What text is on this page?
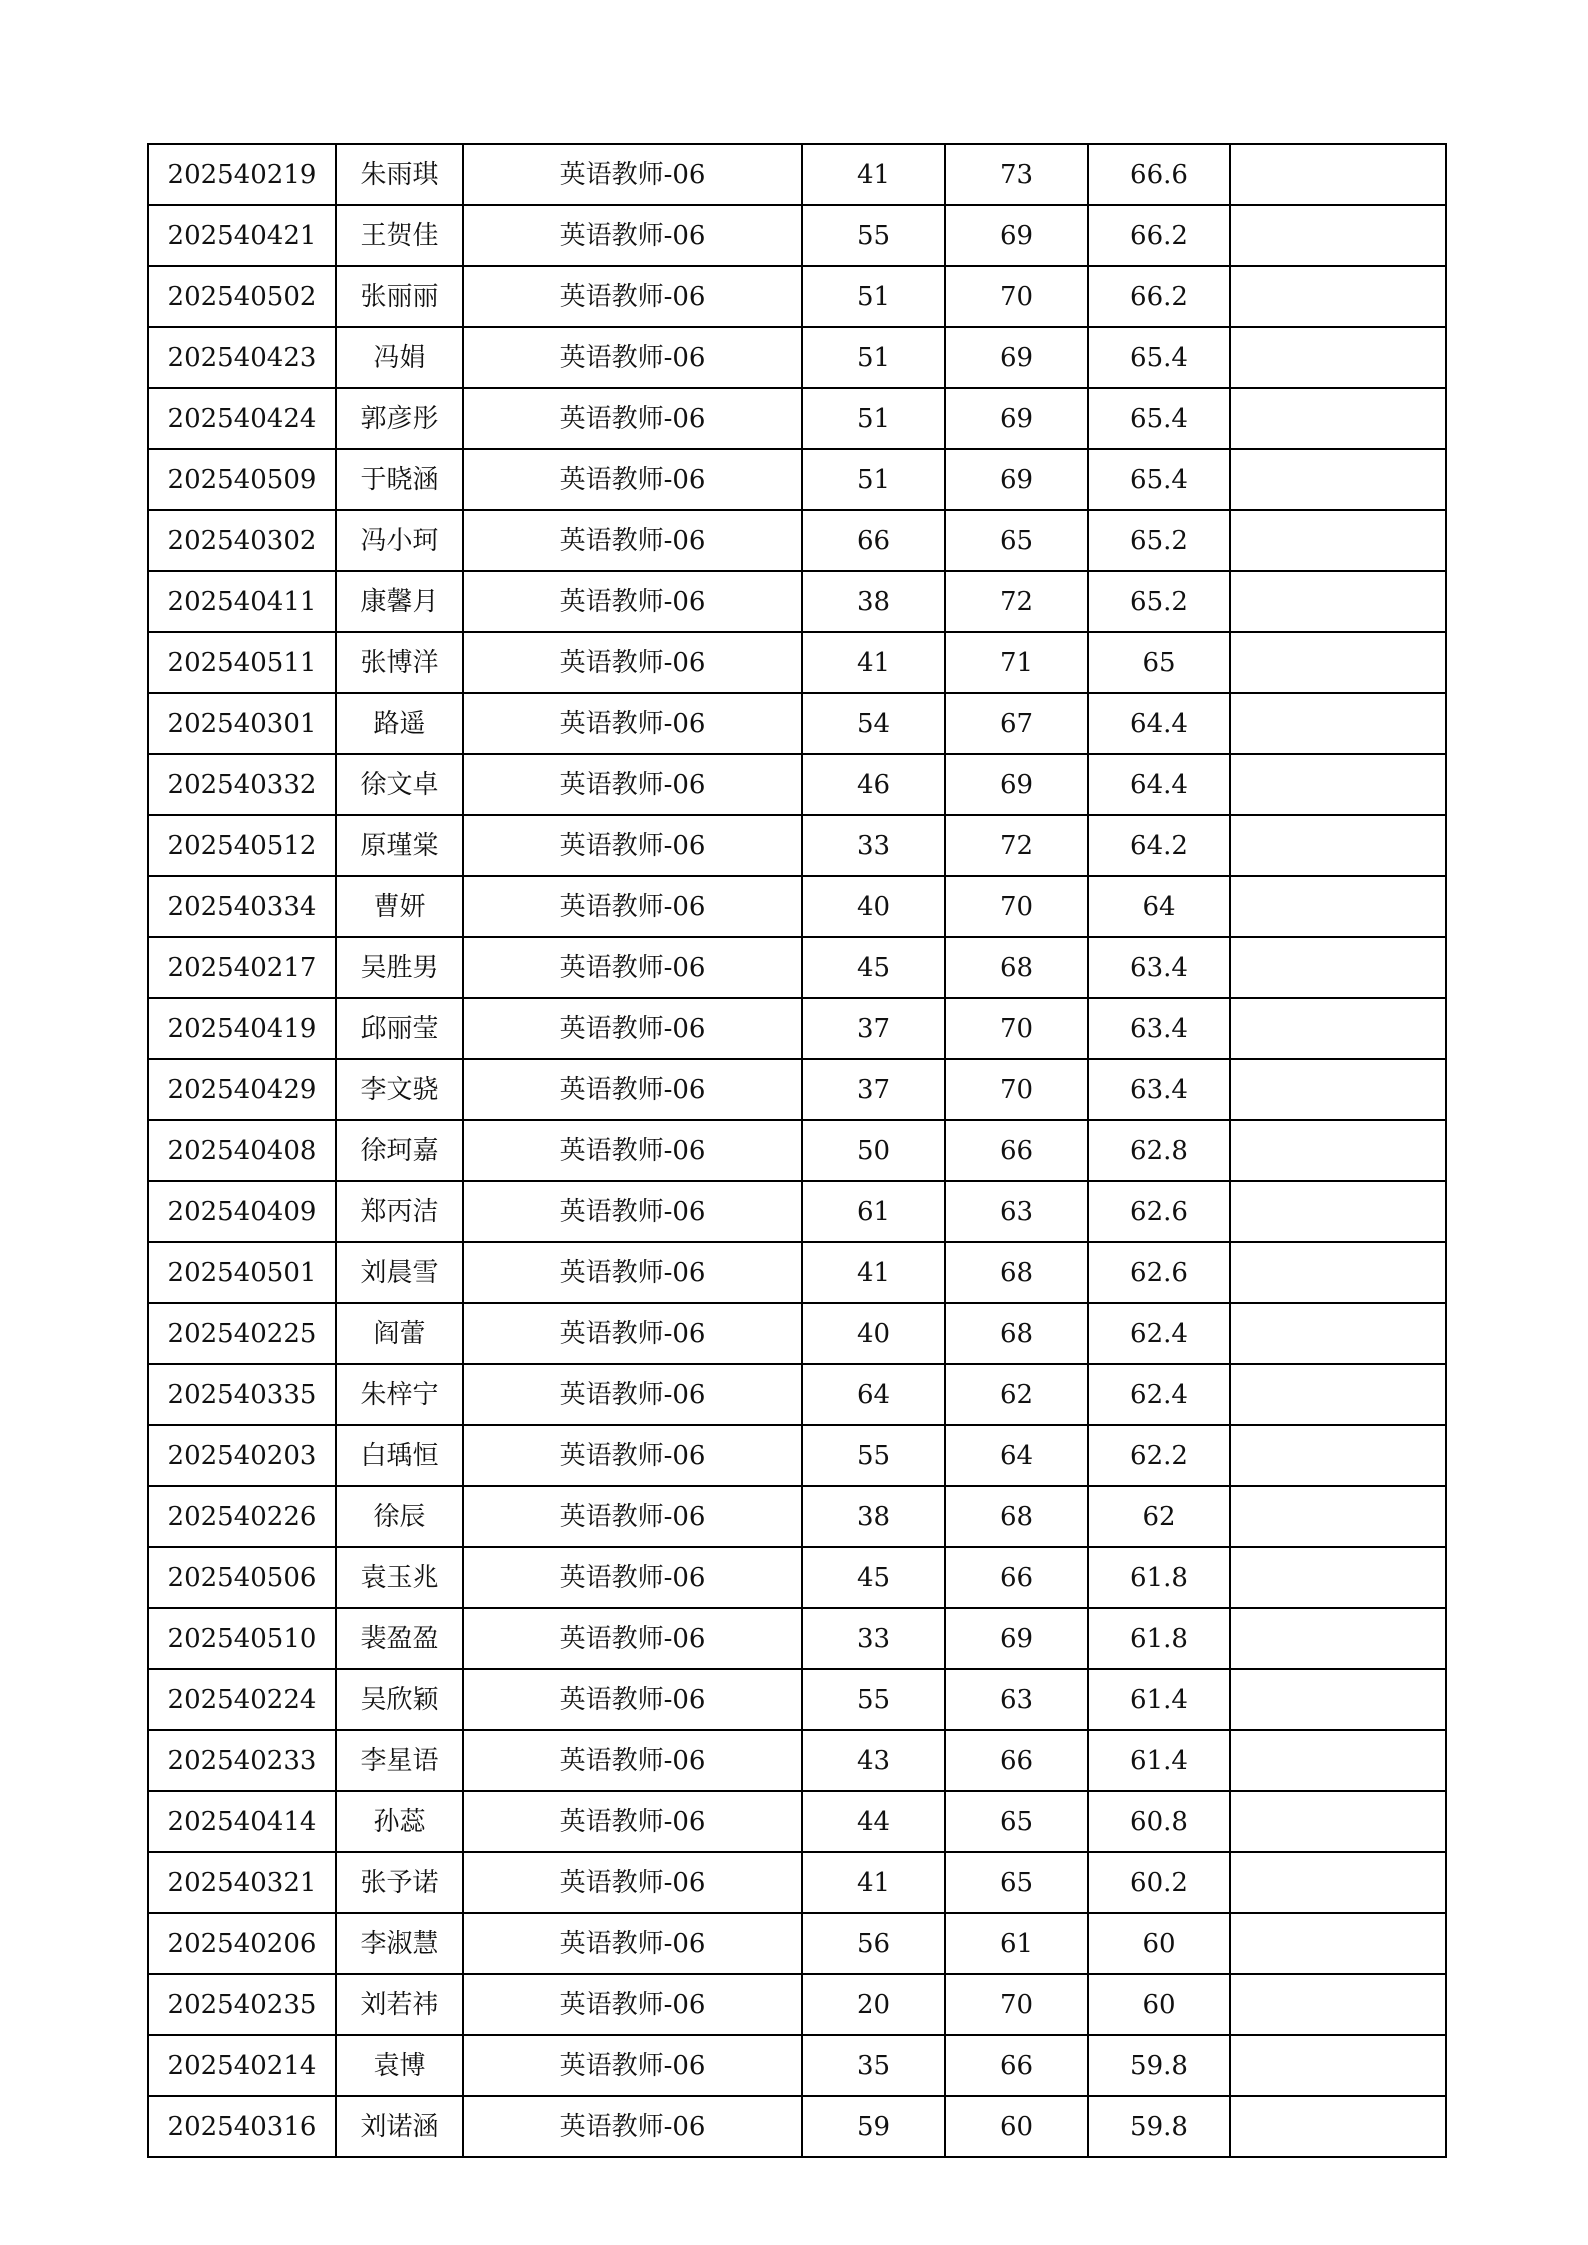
202540219	朱雨琪	英语教师-06	41	73	66.6	
202540421	王贺佳	英语教师-06	55	69	66.2	
202540502	张丽丽	英语教师-06	51	70	66.2	
202540423	冯娟	英语教师-06	51	69	65.4	
202540424	郭彦彤	英语教师-06	51	69	65.4	
202540509	于晓涵	英语教师-06	51	69	65.4	
202540302	冯小珂	英语教师-06	66	65	65.2	
202540411	康馨月	英语教师-06	38	72	65.2	
202540511	张博洋	英语教师-06	41	71	65	
202540301	路遥	英语教师-06	54	67	64.4	
202540332	徐文卓	英语教师-06	46	69	64.4	
202540512	原瑾棠	英语教师-06	33	72	64.2	
202540334	曹妍	英语教师-06	40	70	64	
202540217	吴胜男	英语教师-06	45	68	63.4	
202540419	邱丽莹	英语教师-06	37	70	63.4	
202540429	李文骁	英语教师-06	37	70	63.4	
202540408	徐珂嘉	英语教师-06	50	66	62.8	
202540409	郑丙洁	英语教师-06	61	63	62.6	
202540501	刘晨雪	英语教师-06	41	68	62.6	
202540225	阎蕾	英语教师-06	40	68	62.4	
202540335	朱梓宁	英语教师-06	64	62	62.4	
202540203	白瑀恒	英语教师-06	55	64	62.2	
202540226	徐辰	英语教师-06	38	68	62	
202540506	袁玉兆	英语教师-06	45	66	61.8	
202540510	裴盈盈	英语教师-06	33	69	61.8	
202540224	吴欣颖	英语教师-06	55	63	61.4	
202540233	李星语	英语教师-06	43	66	61.4	
202540414	孙蕊	英语教师-06	44	65	60.8	
202540321	张予诺	英语教师-06	41	65	60.2	
202540206	李淑慧	英语教师-06	56	61	60	
202540235	刘若祎	英语教师-06	20	70	60	
202540214	袁博	英语教师-06	35	66	59.8	
202540316	刘诺涵	英语教师-06	59	60	59.8	
